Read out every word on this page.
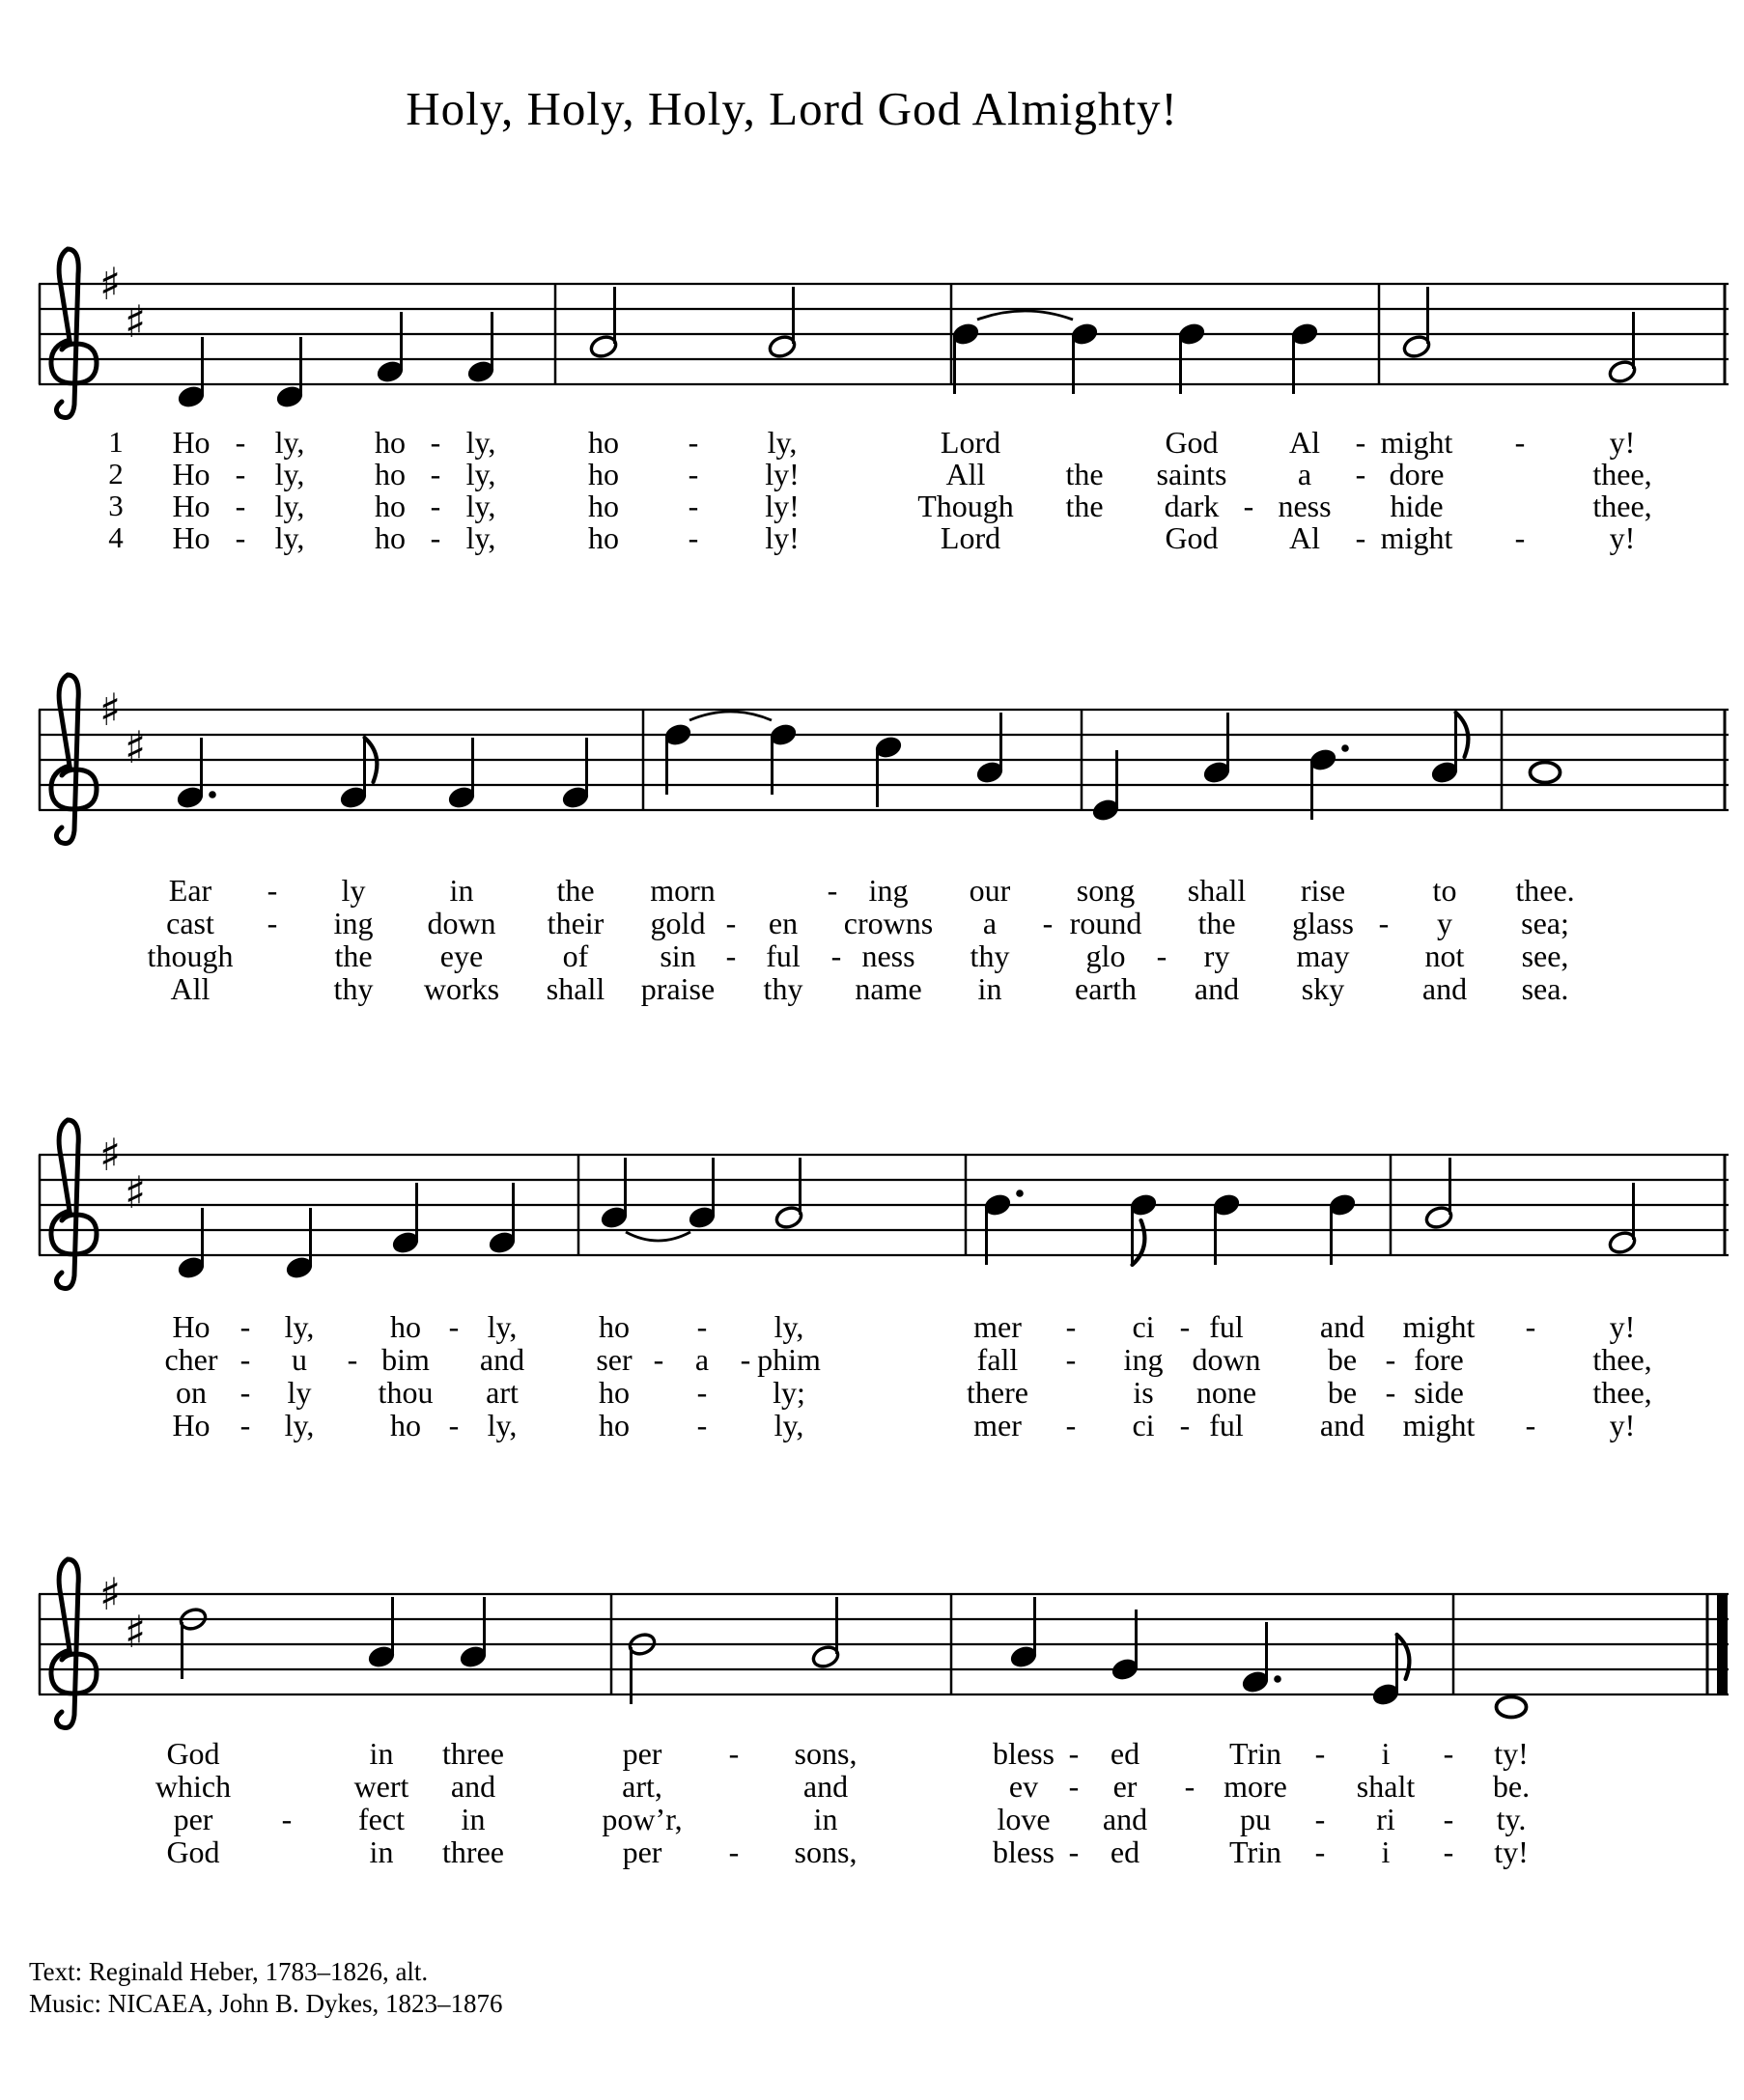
Holy, Holy, Holy, Lord God Almighty!
♯
♯
♯
♯
♯
♯
♯
♯
Text: Reginald Heber, 1783–1826, alt.
Music: NICAEA, John B. Dykes, 1823–1876
1 Ho - ly, ho - ly,	ho - ly,	Lord	God Al - might -	y!
2 Ho - ly, ho - ly,	ho - ly!	All	the saints a - dore	thee,
3 Ho - ly, ho - ly,	ho - ly!	Though the dark - ness hide	thee,
4 Ho - ly, ho - ly,	ho - ly!	Lord	God Al - might -	y!
Ear - ly	in	the morn	- ing our song shall rise	to thee.
cast - ing down their gold - en crowns a - round the glass - y sea;
though	the eye	of sin - ful - ness thy glo - ry may not see,
All	thy works shall praise thy name in earth and sky	and sea.
Ho - ly, ho - ly,	ho - ly,	mer - ci - ful and might - y!
cher - u - bim and ser - a - phim	fall - ing down be - fore	thee,
on - ly thou art	ho - ly;	there	is none be - side	thee,
Ho - ly, ho - ly,	ho - ly,	mer - ci - ful and might - y!
God	in three	per - sons,	bless - ed	Trin - i - ty!
which	wert and	art,	and	ev - er - more shalt	be.
per - fect in	pow’r,	in	love and	pu - ri - ty.
God	in three	per - sons,	bless - ed	Trin - i - ty!
